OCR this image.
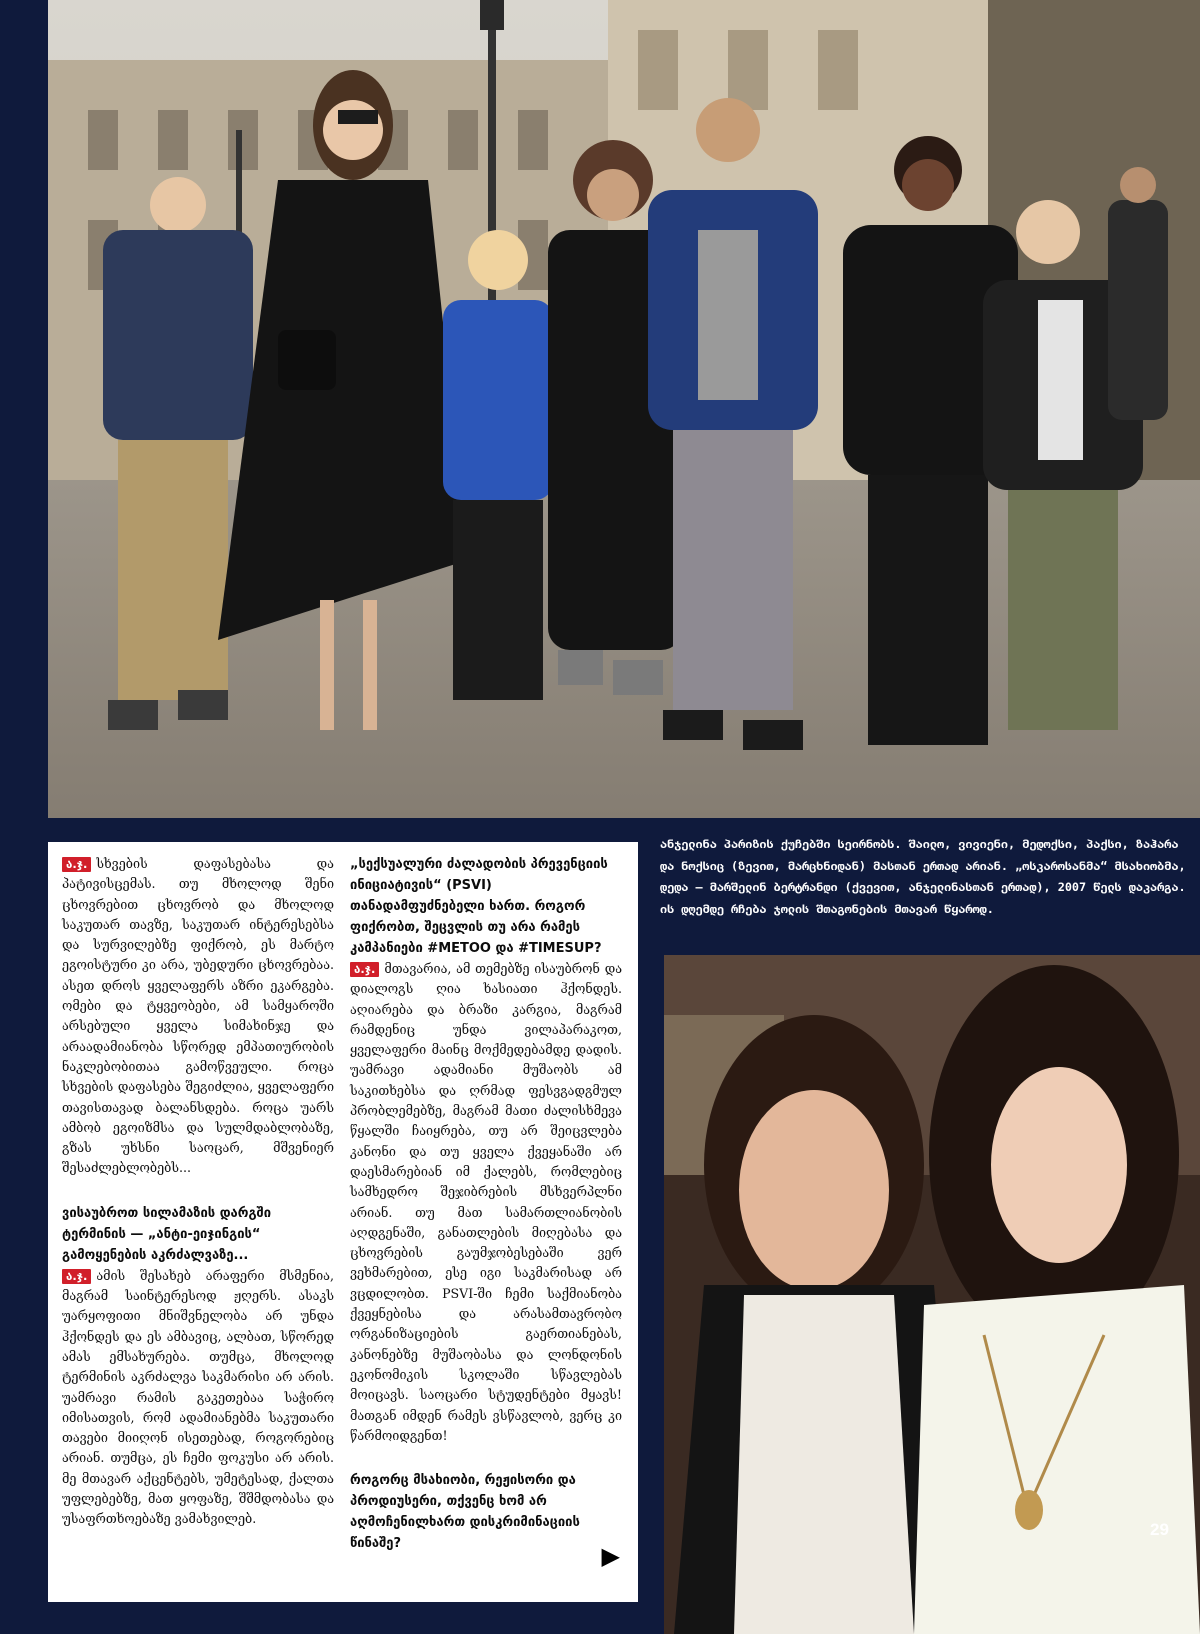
ა.ჯ. სხვების დაფასებასა და პატივისცემას. თუ მხოლოდ შენი ცხოვრებით ცხოვრობ და მხოლოდ საკუთარ თავზე, საკუთარ ინტერესებსა და სურვილებზე ფიქრობ, ეს მარტო ეგოისტური კი არა, უბედური ცხოვრებაა. ასეთ დროს ყველაფერს აზრი ეკარგება. ომები და ტყვეობები, ამ სამყაროში არსებული ყველა სიმახინჯე და არაადამიანობა სწორედ ემპათიურობის ნაკლებობითაა გამოწვეული. როცა სხვების დაფასება შეგიძლია, ყველაფერი თავისთავად ბალანსდება. როცა უარს ამბობ ეგოიზმსა და სულმდაბლობაზე, გზას უხსნი საოცარ, მშვენიერ შესაძლებლობებს...

ვისაუბროთ სილამაზის დარგში ტერმინის — „ანტი-ეიჯინგის“ გამოყენების აკრძალვაზე...

ა.ჯ. ამის შესახებ არაფერი მსმენია, მაგრამ საინტერესოდ ჟღერს. ასაკს უარყოფითი მნიშვნელობა არ უნდა ჰქონდეს და ეს ამბავიც, ალბათ, სწორედ ამას ემსახურება. თუმცა, მხოლოდ ტერმინის აკრძალვა საკმარისი არ არის. უამრავი რამის გაკეთებაა საჭირო იმისათვის, რომ ადამიანებმა საკუთარი თავები მიიღონ ისეთებად, როგორებიც არიან. თუმცა, ეს ჩემი ფოკუსი არ არის. მე მთავარ აქცენტებს, უმეტესად, ქალთა უფლებებზე, მათ ყოფაზე, შშმდობასა და უსაფრთხოებაზე ვამახვილებ.

„სექსუალური ძალადობის პრევენციის ინიციატივის“ (PSVI) თანადამფუძნებელი ხართ. როგორ ფიქრობთ, შეცვლის თუ არა რამეს კამპანიები #METOO და #TIMESUP?

ა.ჯ. მთავარია, ამ თემებზე ისაუბრონ და დიალოგს ღია ხასიათი ჰქონდეს. აღიარება და ბრაზი კარგია, მაგრამ რამდენიც უნდა ვილაპარაკოთ, ყველაფერი მაინც მოქმედებამდე დადის. უამრავი ადამიანი მუშაობს ამ საკითხებსა და ღრმად ფესვგადგმულ პრობლემებზე, მაგრამ მათი ძალისხმევა წყალში ჩაიყრება, თუ არ შეიცვლება კანონი და თუ ყველა ქვეყანაში არ დაესმარებიან იმ ქალებს, რომლებიც სამხედრო შეჯიბრების მსხვერპლნი არიან. თუ მათ სამართლიანობის აღდგენაში, განათლების მიღებასა და ცხოვრების გაუმჯობესებაში ვერ ვეხმარებით, ესე იგი საკმარისად არ ვცდილობთ. PSVI-ში ჩემი საქმიანობა ქვეყნებისა და არასამთავრობო ორგანიზაციების გაერთიანებას, კანონებზე მუშაობასა და ლონდონის ეკონომიკის სკოლაში სწავლებას მოიცავს. საოცარი სტუდენტები მყავს! მათგან იმდენ რამეს ვსწავლობ, ვერც კი წარმოიდგენთ!

როგორც მსახიობი, რეჟისორი და პროდიუსერი, თქვენც ხომ არ აღმოჩენილხართ დისკრიმინაციის წინაშე?	▶

ანჯელინა პარიზის ქუჩებში სეირნობს. შაილო, ვივიენი, მედოქსი, პაქსი, ზაჰარა და ნოქსიც (ზევით, მარცხნიდან) მასთან ერთად არიან. „ოსკაროსანმა“ მსახიობმა, დედა — მარშელინ ბერტრანდი (ქვევით, ანჯელინასთან ერთად), 2007 წელს დაკარგა. ის დღემდე რჩება ჯოლის შთაგონების მთავარ წყაროდ.

29
